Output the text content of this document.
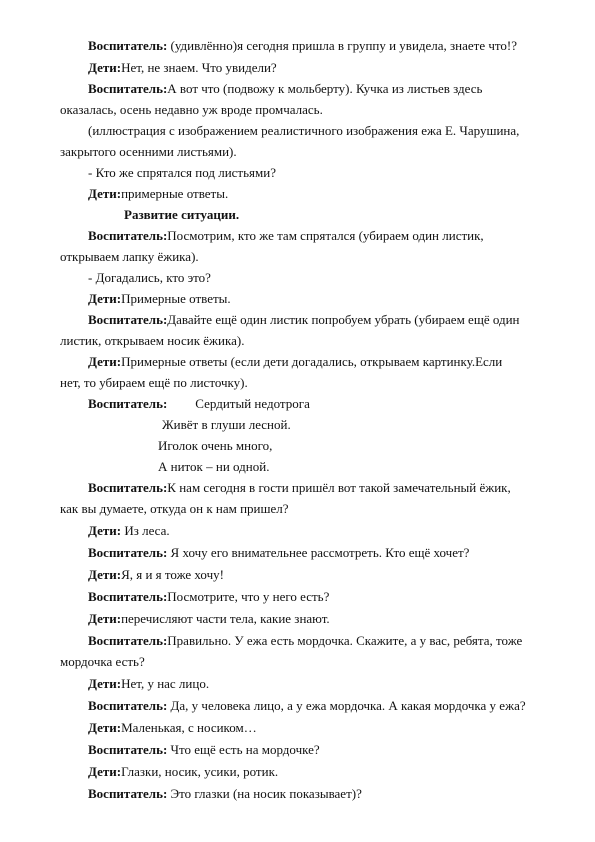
Воспитатель: (удивлённо)я сегодня пришла в группу и увидела, знаете что!?

Дети:Нет, не знаем. Что увидели?

Воспитатель:А вот что (подвожу к мольберту). Кучка из листьев здесь

оказалась, осень недавно уж вроде промчалась.

(иллюстрация с изображением реалистичного изображения ежа Е. Чарушина,

закрытого осенними листьями).

- Кто же спрятался под листьями?

Дети:примерные ответы.

Развитие ситуации.

Воспитатель:Посмотрим, кто же там спрятался (убираем один листик,

открываем лапку ёжика).

- Догадались, кто это?

Дети:Примерные ответы.

Воспитатель:Давайте ещё один листик попробуем убрать (убираем ещё один

листик, открываем носик ёжика).

Дети:Примерные ответы (если дети догадались, открываем картинку.Если

нет, то убираем ещё по листочку).

Воспитатель: Сердитый недотрога

Живёт в глуши лесной.

Иголок очень много,

А ниток – ни одной.

Воспитатель:К нам сегодня в гости пришёл вот такой замечательный ёжик,

как вы думаете, откуда он к нам пришел?

Дети: Из леса.

Воспитатель: Я хочу его внимательнее рассмотреть. Кто ещё хочет?

Дети:Я, я и я тоже хочу!

Воспитатель:Посмотрите, что у него есть?

Дети:перечисляют части тела, какие знают.

Воспитатель:Правильно. У ежа есть мордочка. Скажите, а у вас, ребята, тоже

мордочка есть?

Дети:Нет, у нас лицо.

Воспитатель: Да, у человека лицо, а у ежа мордочка. А какая мордочка у ежа?

Дети:Маленькая, с носиком…

Воспитатель: Что ещё есть на мордочке?

Дети:Глазки, носик, усики, ротик.

Воспитатель: Это глазки (на носик показывает)?
